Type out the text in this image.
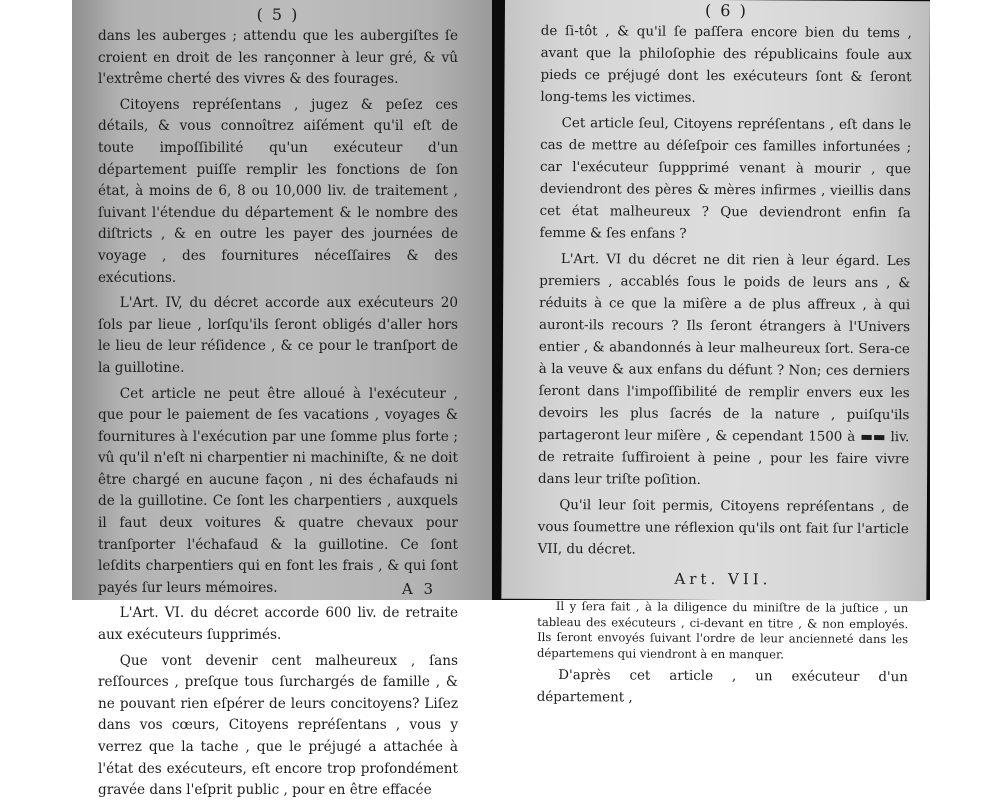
( 5 )

dans les auberges ; attendu que les aubergiſtes ſe croient en droit de les rançonner à leur gré, & vû l'extrême cherté des vivres & des fourages.

Citoyens repréſentans , jugez & peſez ces détails, & vous connoîtrez aiſément qu'il eſt de toute impoſſibilité qu'un exécuteur d'un département puiſſe remplir les fonctions de ſon état, à moins de 6, 8 ou 10,000 liv. de traitement , ſuivant l'étendue du département & le nombre des diſtricts , & en outre les payer des journées de voyage , des fournitures néceſſaires & des exécutions.

L'Art. IV, du décret accorde aux exécuteurs 20 ſols par lieue , lorſqu'ils ſeront obligés d'aller hors le lieu de leur réſidence , & ce pour le tranſport de la guillotine.

Cet article ne peut être alloué à l'exécuteur , que pour le paiement de ſes vacations , voyages & fournitures à l'exécution par une ſomme plus forte ; vû qu'il n'eſt ni charpentier ni machiniſte, & ne doit être chargé en aucune façon , ni des échafauds ni de la guillotine. Ce ſont les charpentiers , auxquels il faut deux voitures & quatre chevaux pour tranſporter l'échafaud & la guillotine. Ce ſont leſdits charpentiers qui en font les frais , & qui ſont payés ſur leurs mémoires.

L'Art. VI. du décret accorde 600 liv. de retraite aux exécuteurs ſupprimés.

Que vont devenir cent malheureux , ſans reſſources , preſque tous ſurchargés de famille , & ne pouvant rien eſpérer de leurs concitoyens? Liſez dans vos cœurs, Citoyens repréſentans , vous y verrez que la tache , que le préjugé a attachée à l'état des exécuteurs, eſt encore trop profondément gravée dans l'eſprit public , pour en être effacée

A 3
( 6 )

de ſi-tôt , & qu'il ſe paſſera encore bien du tems , avant que la philoſophie des républicains foule aux pieds ce préjugé dont les exécuteurs ſont & ſeront long-tems les victimes.

Cet article ſeul, Citoyens repréſentans , eſt dans le cas de mettre au déſeſpoir ces familles infortunées ; car l'exécuteur ſuppprimé venant à mourir , que deviendront des pères & mères infirmes , vieillis dans cet état malheureux ? Que deviendront enfin ſa femme & ſes enfans ?

L'Art. VI du décret ne dit rien à leur égard. Les premiers , accablés ſous le poids de leurs ans , & réduits à ce que la miſère a de plus affreux , à qui auront-ils recours ? Ils ſeront étrangers à l'Univers entier , & abandonnés à leur malheureux ſort. Sera-ce à la veuve & aux enfans du défunt ? Non; ces derniers ſeront dans l'impoſſibilité de remplir envers eux les devoirs les plus ſacrés de la nature , puiſqu'ils partageront leur miſère , & cependant 1500 à ▬▬ liv. de retraite ſuffiroient à peine , pour les faire vivre dans leur triſte poſition.

Qu'il leur ſoit permis, Citoyens repréſentans , de vous ſoumettre une réflexion qu'ils ont fait ſur l'article VII, du décret.

Art. VII.

Il y ſera fait , à la diligence du miniſtre de la juſtice , un tableau des exécuteurs , ci-devant en titre , & non employés. Ils ſeront envoyés ſuivant l'ordre de leur ancienneté dans les départemens qui viendront à en manquer.

D'après cet article , un exécuteur d'un département ,
